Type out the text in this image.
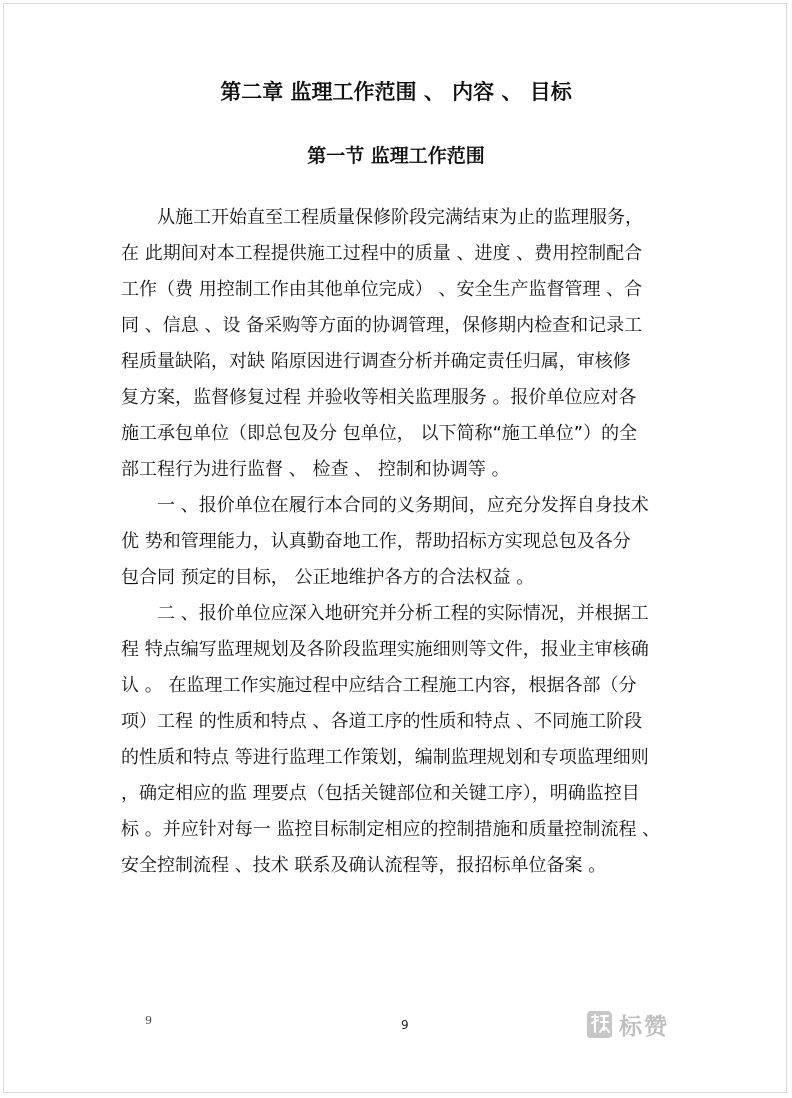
第二章 监理工作范围 、 内容 、 目标
第一节 监理工作范围
从施工开始直至工程质量保修阶段完满结束为止的监理服务，
在 此期间对本工程提供施工过程中的质量 、进度 、费用控制配合
工作（费 用控制工作由其他单位完成） 、安全生产监督管理 、合
同 、信息 、设 备采购等方面的协调管理，保修期内检查和记录工
程质量缺陷，对缺 陷原因进行调查分析并确定责任归属，审核修
复方案，监督修复过程 并验收等相关监理服务 。报价单位应对各
施工承包单位（即总包及分 包单位， 以下简称“施工单位”）的全
部工程行为进行监督 、 检查 、 控制和协调等 。
一 、报价单位在履行本合同的义务期间，应充分发挥自身技术
优 势和管理能力，认真勤奋地工作，帮助招标方实现总包及各分
包合同 预定的目标， 公正地维护各方的合法权益 。
二 、报价单位应深入地研究并分析工程的实际情况，并根据工
程 特点编写监理规划及各阶段监理实施细则等文件，报业主审核确
认 。 在监理工作实施过程中应结合工程施工内容，根据各部（分
项）工程 的性质和特点 、各道工序的性质和特点 、不同施工阶段
的性质和特点 等进行监理工作策划，编制监理规划和专项监理细则
，确定相应的监 理要点（包括关键部位和关键工序），明确监控目
标 。并应针对每一 监控目标制定相应的控制措施和质量控制流程 、
安全控制流程 、技术 联系及确认流程等，报招标单位备案 。
9	9	标赞
